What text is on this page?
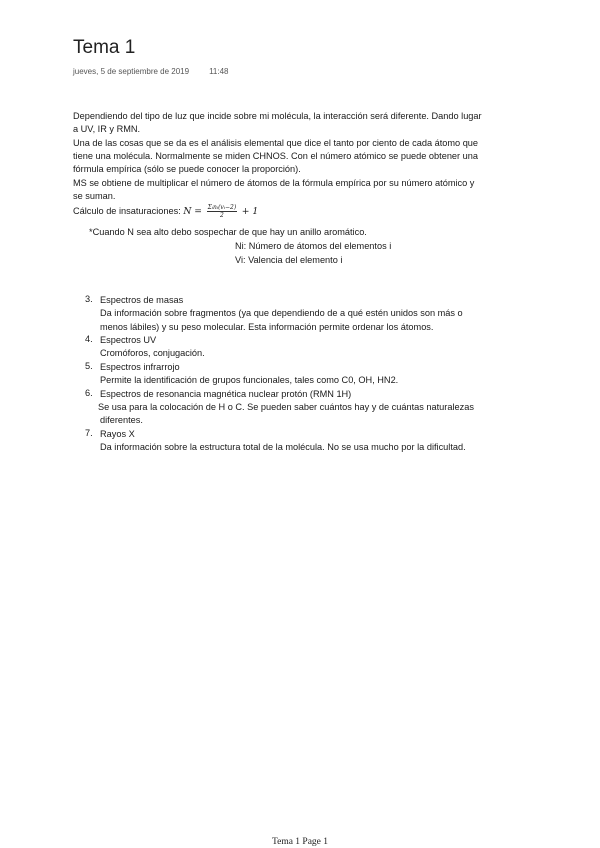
Tema 1
jueves, 5 de septiembre de 2019	11:48
Dependiendo del tipo de luz que incide sobre mi molécula, la interacción será diferente. Dando lugar
a UV, IR y RMN.
Una de las cosas que se da es el análisis elemental que dice el tanto por ciento de cada átomo que
tiene una molécula. Normalmente se miden CHNOS. Con el número atómico se puede obtener una
fórmula empírica (sólo se puede conocer la proporción).
MS se obtiene de multiplicar el número de átomos de la fórmula empírica por su número atómico y
se suman.
Cálculo de insaturaciones: $N = \frac{\text{Σᵢnᵢ(vᵢ−2)}}{2} + 1$
*Cuando N sea alto debo sospechar de que hay un anillo aromático.
Ni: Número de átomos del elementos i
Vi: Valencia del elemento i
3. Espectros de masas
Da información sobre fragmentos (ya que dependiendo de a qué estén unidos son más o
menos lábiles) y su peso molecular. Esta información permite ordenar los átomos.
4. Espectros UV
Cromóforos, conjugación.
5. Espectros infrarrojo
Permite la identificación de grupos funcionales, tales como C0, OH, HN2.
6. Espectros de resonancia magnética nuclear protón (RMN 1H)
Se usa para la colocación de H o C. Se pueden saber cuántos hay y de cuántas naturalezas
diferentes.
7. Rayos X
Da información sobre la estructura total de la molécula. No se usa mucho por la dificultad.
Tema 1 Page 1
